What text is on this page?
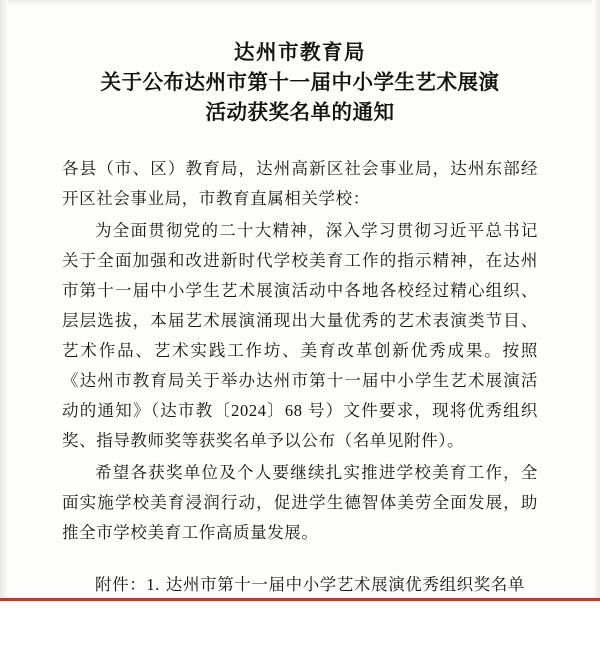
达州市教育局
关于公布达州市第十一届中小学生艺术展演
活动获奖名单的通知

各县（市、区）教育局，达州高新区社会事业局，达州东部经开区社会事业局，市教育直属相关学校：

为全面贯彻党的二十大精神，深入学习贯彻习近平总书记关于全面加强和改进新时代学校美育工作的指示精神，在达州市第十一届中小学生艺术展演活动中各地各校经过精心组织、层层选拔，本届艺术展演涌现出大量优秀的艺术表演类节目、艺术作品、艺术实践工作坊、美育改革创新优秀成果。按照《达州市教育局关于举办达州市第十一届中小学生艺术展演活动的通知》（达市教〔2024〕68 号）文件要求，现将优秀组织奖、指导教师奖等获奖名单予以公布（名单见附件）。

希望各获奖单位及个人要继续扎实推进学校美育工作，全面实施学校美育浸润行动，促进学生德智体美劳全面发展，助推全市学校美育工作高质量发展。

附件：1. 达州市第十一届中小学艺术展演优秀组织奖名单
